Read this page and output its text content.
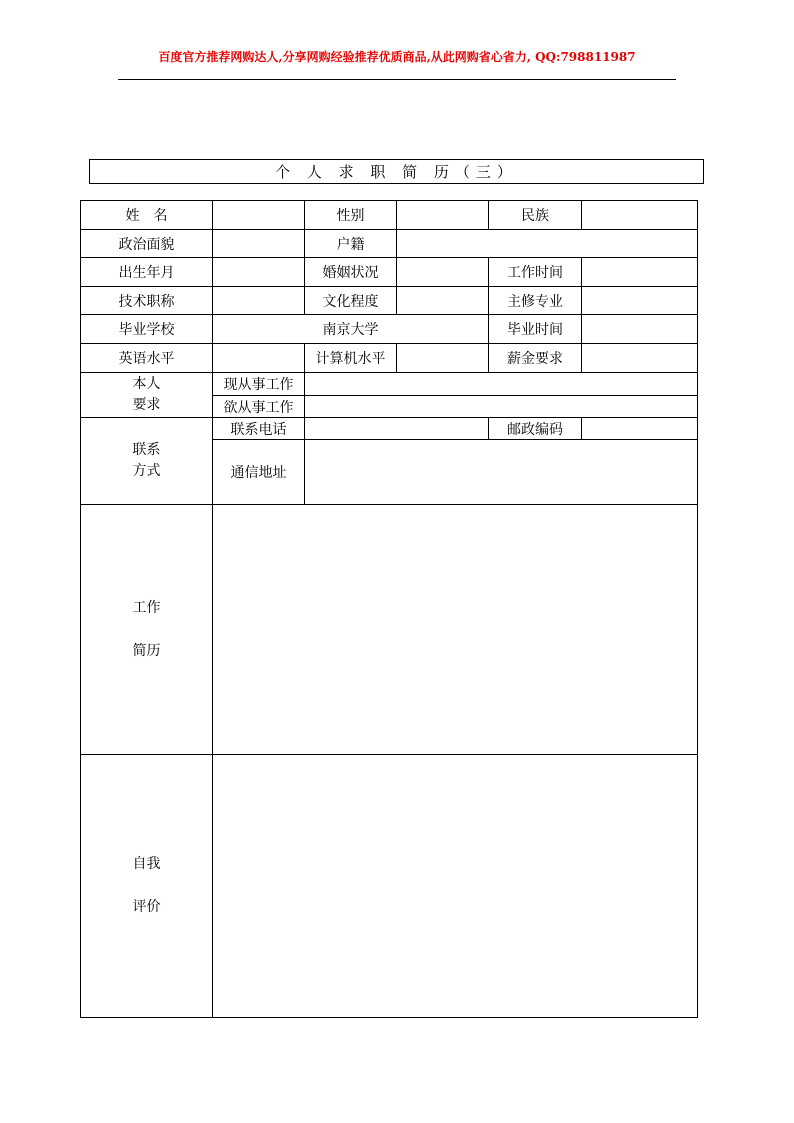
百度官方推荐网购达人,分享网购经验推荐优质商品,从此网购省心省力, QQ:798811987
个 人 求 职 简 历（三）
姓　名		性别		民族	
政治面貌		户籍			
出生年月		婚姻状况		工作时间	
技术职称		文化程度		主修专业	
毕业学校	南京大学			毕业时间	
英语水平		计算机水平		薪金要求	

本人
要求	现从事工作				
	欲从事工作				

联系
方式	联系电话			邮政编码	
	通信地址				

工作
简历					

自我
评价					
